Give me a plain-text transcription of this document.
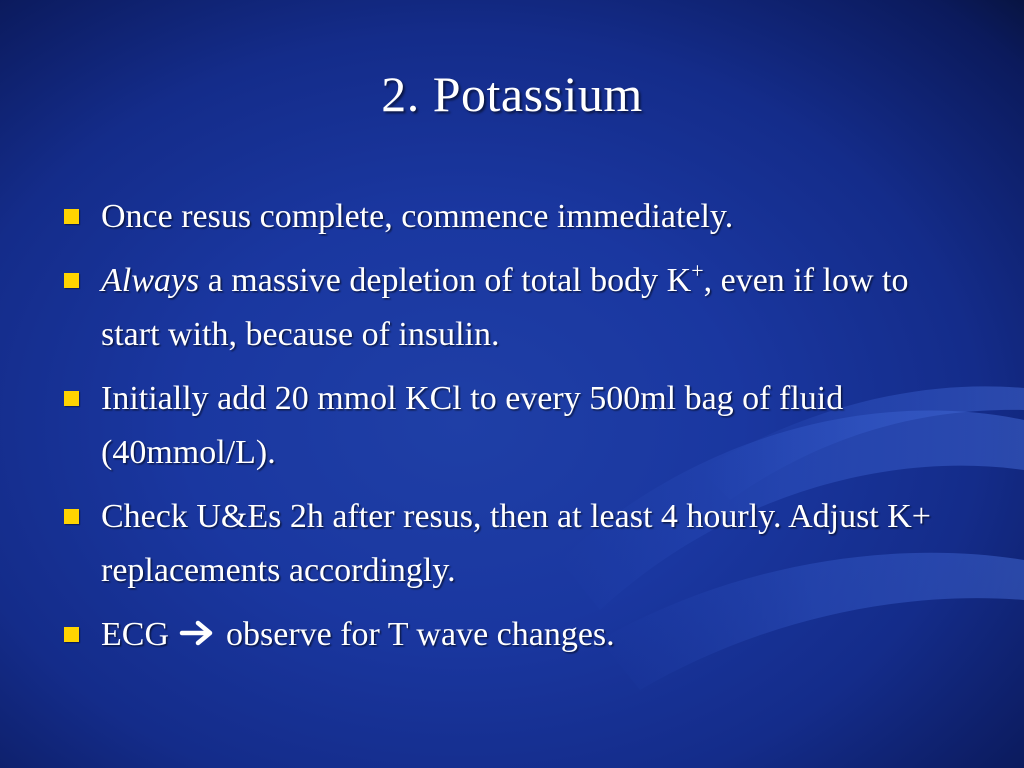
2. Potassium
Once resus complete, commence immediately.
Always a massive depletion of total body K+, even if low to start with, because of insulin.
Initially add 20 mmol KCl to every 500ml bag of fluid (40mmol/L).
Check U&Es 2h after resus, then at least 4 hourly. Adjust K+ replacements accordingly.
ECG  observe for T wave changes.
